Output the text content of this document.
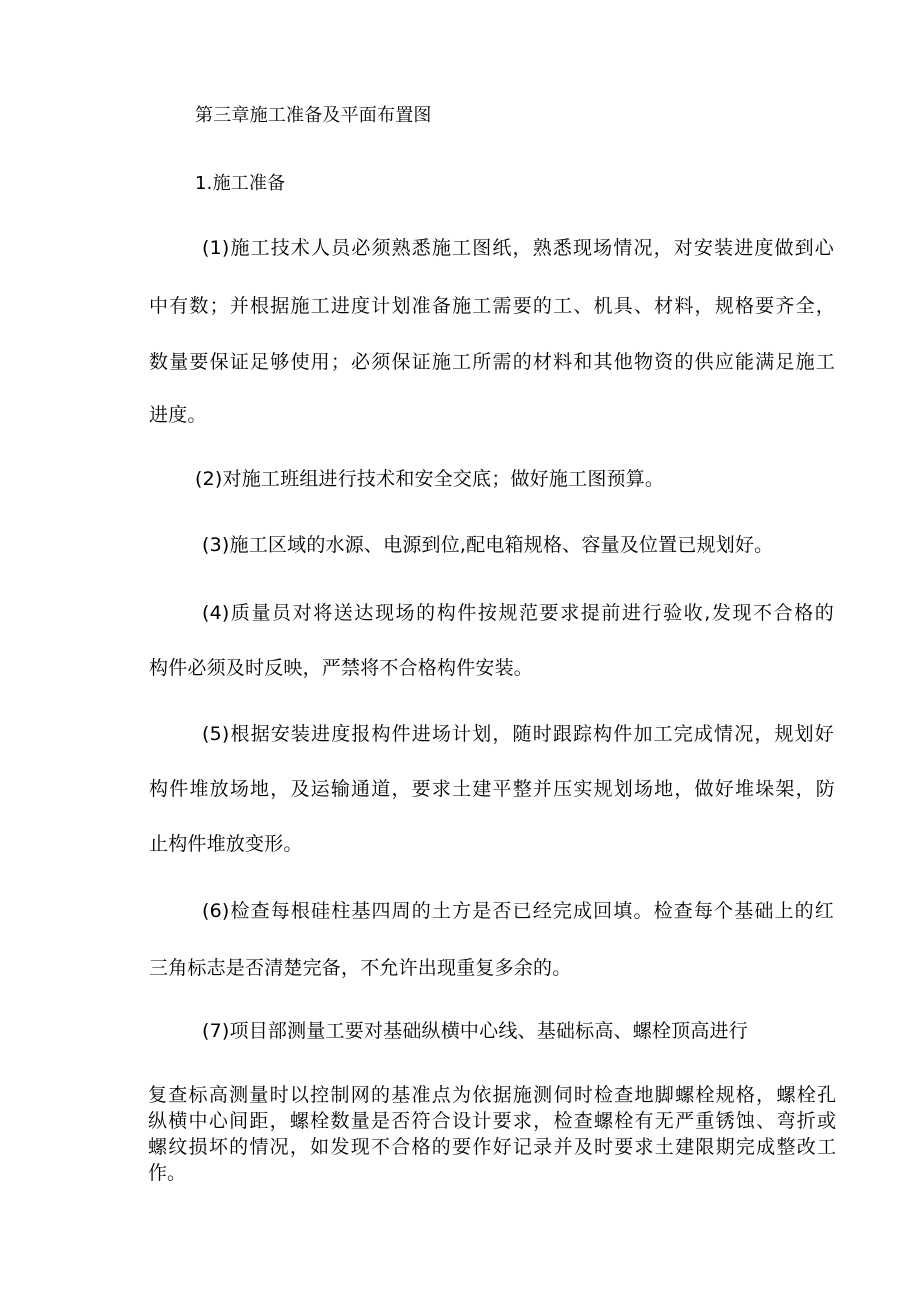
第三章施工准备及平面布置图
1.施工准备
(1)施工技术人员必须熟悉施工图纸，熟悉现场情况，对安装进度做到心
中有数；并根据施工进度计划准备施工需要的工、机具、材料，规格要齐全，
数量要保证足够使用；必须保证施工所需的材料和其他物资的供应能满足施工
进度。
(2)对施工班组进行技术和安全交底；做好施工图预算。
(3)施工区域的水源、电源到位,配电箱规格、容量及位置已规划好。
(4)质量员对将送达现场的构件按规范要求提前进行验收,发现不合格的
构件必须及时反映，严禁将不合格构件安装。
(5)根据安装进度报构件进场计划，随时跟踪构件加工完成情况，规划好
构件堆放场地，及运输通道，要求土建平整并压实规划场地，做好堆垛架，防
止构件堆放变形。
(6)检查每根硅柱基四周的土方是否已经完成回填。检查每个基础上的红
三角标志是否清楚完备，不允许出现重复多余的。
(7)项目部测量工要对基础纵横中心线、基础标高、螺栓顶高进行
复查标高测量时以控制网的基准点为依据施测伺时检查地脚螺栓规格，螺栓孔
纵横中心间距，螺栓数量是否符合设计要求，检查螺栓有无严重锈蚀、弯折或
螺纹损坏的情况，如发现不合格的要作好记录并及时要求土建限期完成整改工
作。
